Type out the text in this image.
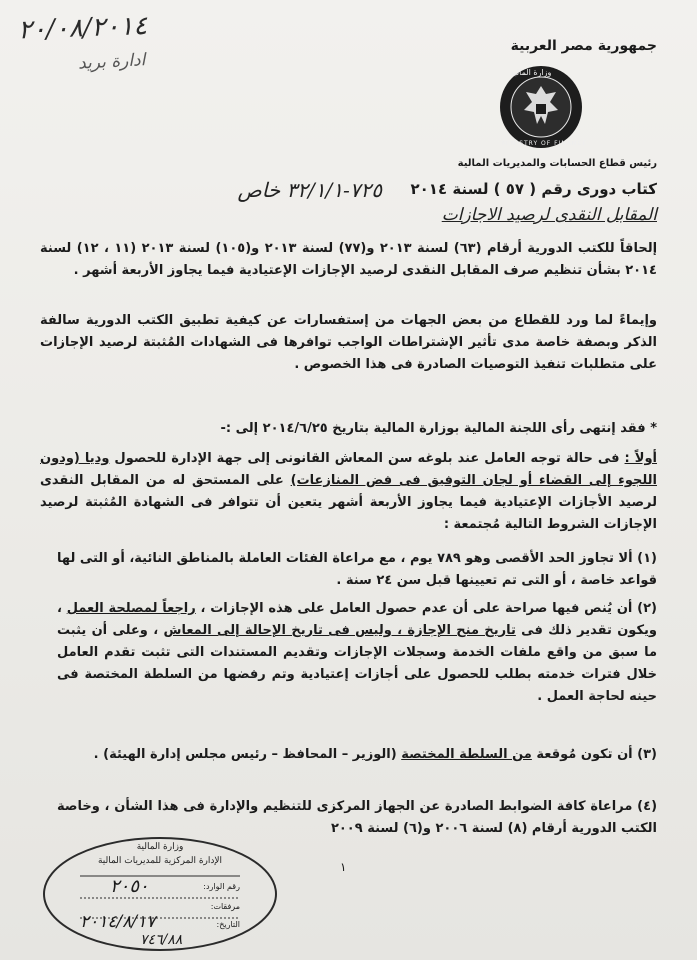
٢٠/٠٨/٢٠١٤
ادارة بريد
جمهورية مصر العربية
وزارة المالية
MINISTRY OF FINANCE
رئيس قطاع الحسابات والمديريات المالية
كتاب دورى رقم ( ٥٧ ) لسنة ٢٠١٤
٧٢٥-٣٢/١/١ خاص
المقابل النقدى لرصيد الاجازات
إلحاقاً للكتب الدورية أرقام (٦٣) لسنة ٢٠١٣ و(٧٧) لسنة ٢٠١٣ و(١٠٥) لسنة ٢٠١٣ (١١ ، ١٢) لسنة ٢٠١٤ بشأن تنظيم صرف المقابل النقدى لرصيد الإجازات الإعتيادية فيما يجاوز الأربعة أشهر .
وإيماءً لما ورد للقطاع من بعض الجهات من إستفسارات عن كيفية تطبيق الكتب الدورية سالفة الذكر وبصفة خاصة مدى تأثير الإشتراطات الواجب توافرها فى الشهادات المُثبتة لرصيد الإجازات على متطلبات تنفيذ التوصيات الصادرة فى هذا الخصوص .
* فقد إنتهى رأى اللجنة المالية بوزارة المالية بتاريخ ٢٠١٤/٦/٢٥ إلى :-
أولاً : فى حالة توجه العامل عند بلوغه سن المعاش القانونى إلى جهة الإدارة للحصول وديا (ودون اللجوء إلى القضاء أو لجان التوفيق فى فض المنازعات) على المستحق له من المقابل النقدى لرصيد الأجازات الإعتيادية فيما يجاوز الأربعة أشهر يتعين أن تتوافر فى الشهادة المُثبتة لرصيد الإجازات الشروط التالية مُجتمعة :
(١) ألا تجاوز الحد الأقصى وهو ٧٨٩ يوم ، مع مراعاة الفئات العاملة بالمناطق النائية، أو التى لها قواعد خاصة ، أو التى تم تعيينها قبل سن ٢٤ سنة .
(٢) أن يُنص فيها صراحة على أن عدم حصول العامل على هذه الإجازات ، راجعاً لمصلحة العمل ، ويكون تقدير ذلك فى تاريخ منح الإجازة ، وليس فى تاريخ الإحالة إلى المعاش ، وعلى أن يثبت ما سبق من واقع ملفات الخدمة وسجلات الإجازات وتقديم المستندات التى تثبت تقدم العامل خلال فترات خدمته بطلب للحصول على أجازات إعتيادية وتم رفضها من السلطة المختصة فى حينه لحاجة العمل .
(٣) أن تكون مُوقعة من السلطة المختصة (الوزير – المحافظ – رئيس مجلس إدارة الهيئة) .
(٤) مراعاة كافة الضوابط الصادرة عن الجهاز المركزى للتنظيم والإدارة فى هذا الشأن ، وخاصة الكتب الدورية أرقام (٨) لسنة ٢٠٠٦ و(٦) لسنة ٢٠٠٩
١
وزارة المالية
الإدارة المركزية للمديريات المالية
رقم الوارد:
٢٠٥٠
مرفقات:
التاريخ:
٢٠١٤/٨/١٧
٧٤٦/٨٨
